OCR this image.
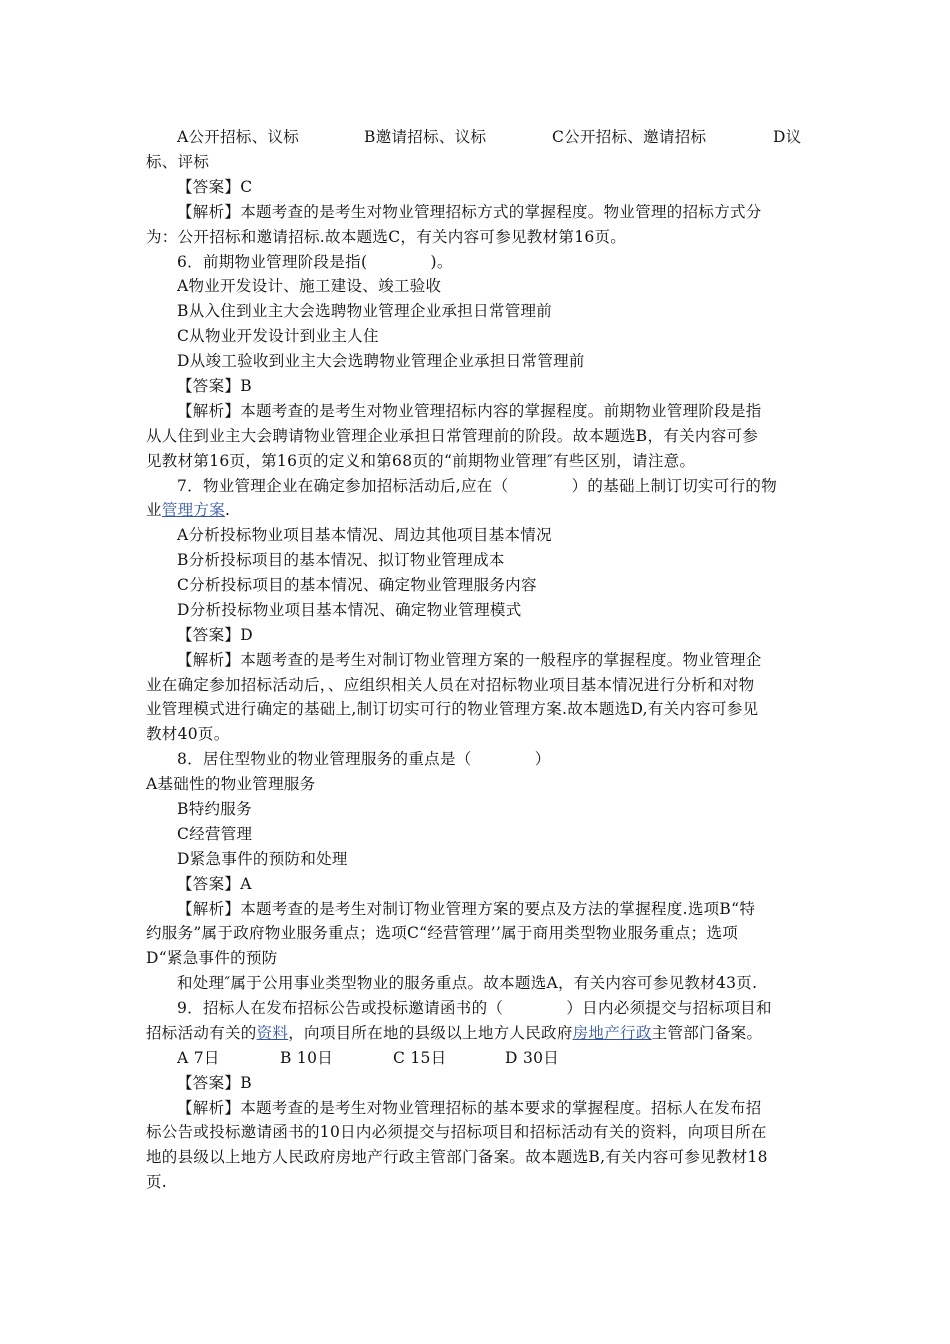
A公开招标、议标	B邀请招标、议标	C公开招标、邀请招标	D议
标、评标
【答案】C
【解析】本题考查的是考生对物业管理招标方式的掌握程度。物业管理的招标方式分
为：公开招标和邀请招标.故本题选C，有关内容可参见教材第16页。
6．前期物业管理阶段是指(　　　　)。
A物业开发设计、施工建设、竣工验收
B从入住到业主大会选聘物业管理企业承担日常管理前
C从物业开发设计到业主人住
D从竣工验收到业主大会选聘物业管理企业承担日常管理前
【答案】B
【解析】本题考查的是考生对物业管理招标内容的掌握程度。前期物业管理阶段是指
从人住到业主大会聘请物业管理企业承担日常管理前的阶段。故本题选B，有关内容可参
见教材第16页，第16页的定义和第68页的“前期物业管理″有些区别，请注意。
7．物业管理企业在确定参加招标活动后,应在（　　　　）的基础上制订切实可行的物
业管理方案.
A分析投标物业项目基本情况、周边其他项目基本情况
B分析投标项目的基本情况、拟订物业管理成本
C分析投标项目的基本情况、确定物业管理服务内容
D分析投标物业项目基本情况、确定物业管理模式
【答案】D
【解析】本题考查的是考生对制订物业管理方案的一般程序的掌握程度。物业管理企
业在确定参加招标活动后，、应组织相关人员在对招标物业项目基本情况进行分析和对物
业管理模式进行确定的基础上,制订切实可行的物业管理方案.故本题选D,有关内容可参见
教材40页。
8．居住型物业的物业管理服务的重点是（　　　　）
A基础性的物业管理服务
B特约服务
C经营管理
D紧急事件的预防和处理
【答案】A
【解析】本题考查的是考生对制订物业管理方案的要点及方法的掌握程度.选项B“特
约服务”属于政府物业服务重点；选项C“经营管理’’属于商用类型物业服务重点；选项
D“紧急事件的预防
和处理″属于公用事业类型物业的服务重点。故本题选A，有关内容可参见教材43页.
9．招标人在发布招标公告或投标邀请函书的（　　　　）日内必须提交与招标项目和
招标活动有关的资料，向项目所在地的县级以上地方人民政府房地产行政主管部门备案。
A 7日	B 10日	C 15日	D 30日
【答案】B
【解析】本题考查的是考生对物业管理招标的基本要求的掌握程度。招标人在发布招
标公告或投标邀请函书的10日内必须提交与招标项目和招标活动有关的资料，向项目所在
地的县级以上地方人民政府房地产行政主管部门备案。故本题选B,有关内容可参见教材18
页.
